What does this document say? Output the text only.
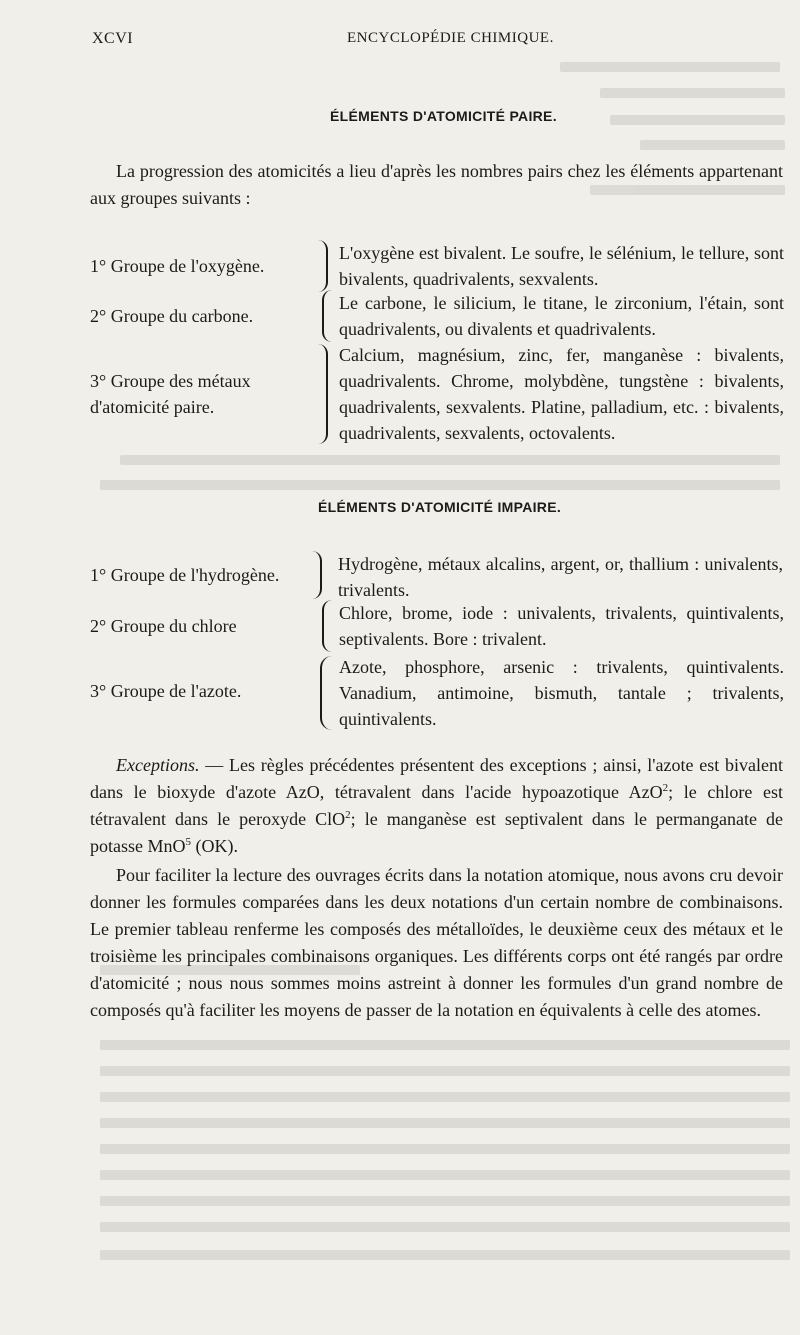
XCVI	ENCYCLOPÉDIE CHIMIQUE.
ÉLÉMENTS D'ATOMICITÉ PAIRE.
La progression des atomicités a lieu d'après les nombres pairs chez les éléments appartenant aux groupes suivants :
1° Groupe de l'oxygène.
L'oxygène est bivalent. Le soufre, le sélénium, le tellure, sont bivalents, quadrivalents, sexvalents.
2° Groupe du carbone.
Le carbone, le silicium, le titane, le zirconium, l'étain, sont quadrivalents, ou divalents et quadrivalents.
3° Groupe des métaux d'atomicité paire.
Calcium, magnésium, zinc, fer, manganèse : bivalents, quadrivalents. Chrome, molybdène, tungstène : bivalents, quadrivalents, sexvalents. Platine, palladium, etc. : bivalents, quadrivalents, sexvalents, octovalents.
ÉLÉMENTS D'ATOMICITÉ IMPAIRE.
1° Groupe de l'hydrogène.
Hydrogène, métaux alcalins, argent, or, thallium : univalents, trivalents.
2° Groupe du chlore
Chlore, brome, iode : univalents, trivalents, quintivalents, septivalents. Bore : trivalent.
3° Groupe de l'azote.
Azote, phosphore, arsenic : trivalents, quintivalents. Vanadium, antimoine, bismuth, tantale ; trivalents, quintivalents.
Exceptions. — Les règles précédentes présentent des exceptions ; ainsi, l'azote est bivalent dans le bioxyde d'azote AzO, tétravalent dans l'acide hypoazotique AzO$^2$; le chlore est tétravalent dans le peroxyde ClO$^2$; le manganèse est septivalent dans le permanganate de potasse MnO$^5$ (OK).
Pour faciliter la lecture des ouvrages écrits dans la notation atomique, nous avons cru devoir donner les formules comparées dans les deux notations d'un certain nombre de combinaisons. Le premier tableau renferme les composés des métalloïdes, le deuxième ceux des métaux et le troisième les principales combinaisons organiques. Les différents corps ont été rangés par ordre d'atomicité ; nous nous sommes moins astreint à donner les formules d'un grand nombre de composés qu'à faciliter les moyens de passer de la notation en équivalents à celle des atomes.
